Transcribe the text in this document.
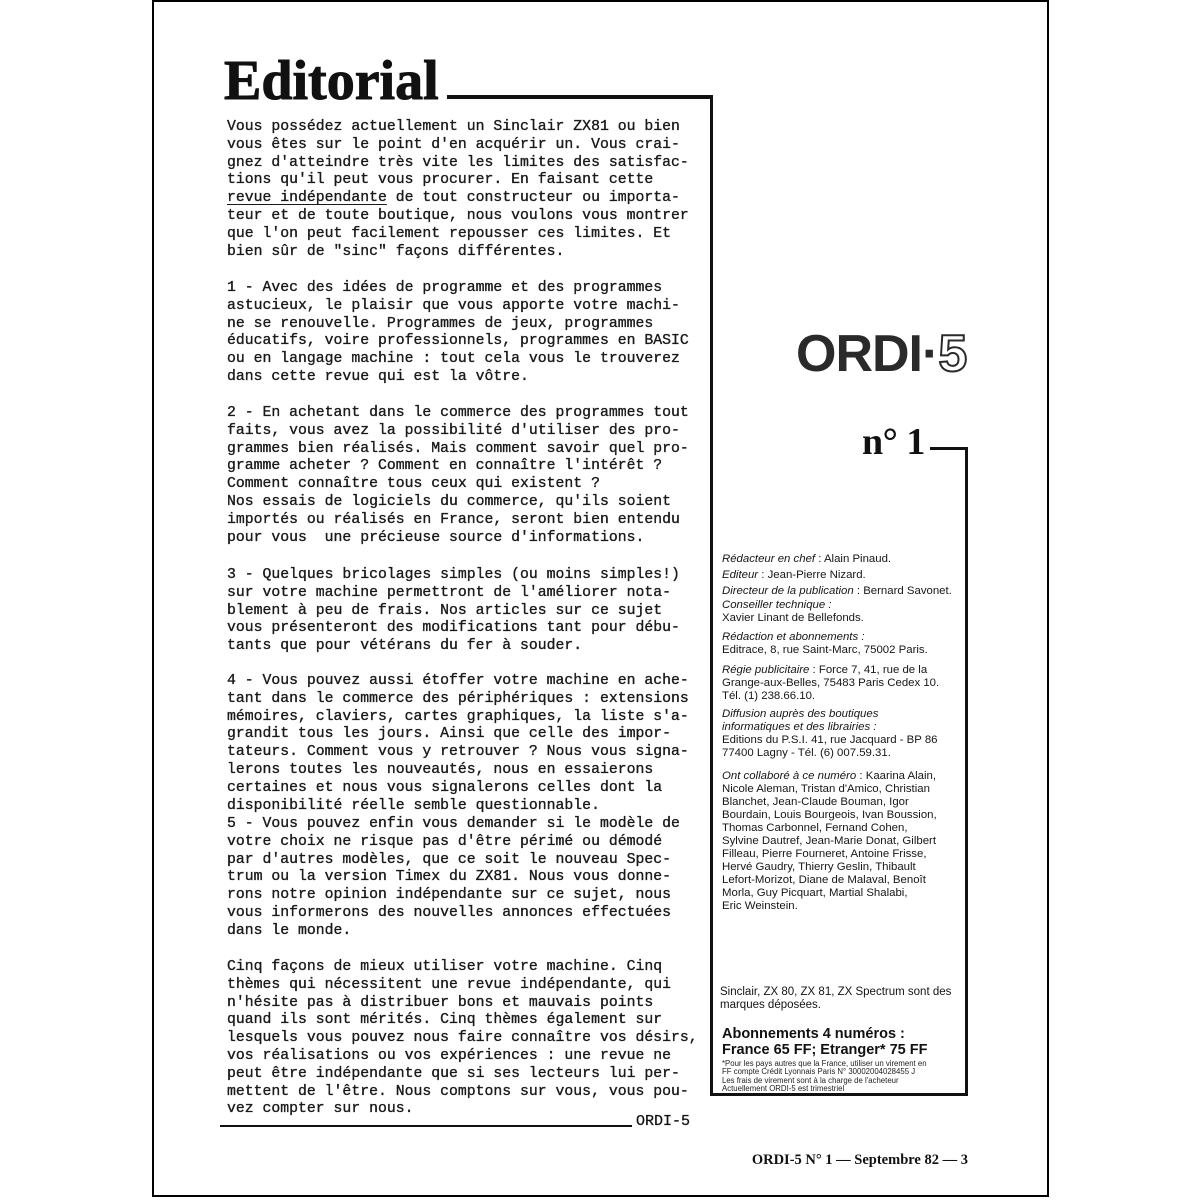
Editorial
Vous possédez actuellement un Sinclair ZX81 ou bien
vous êtes sur le point d'en acquérir un. Vous crai-
gnez d'atteindre très vite les limites des satisfac-
tions qu'il peut vous procurer. En faisant cette
revue indépendante de tout constructeur ou importa-
teur et de toute boutique, nous voulons vous montrer
que l'on peut facilement repousser ces limites. Et
bien sûr de "sinc" façons différentes.
1 - Avec des idées de programme et des programmes
astucieux, le plaisir que vous apporte votre machi-
ne se renouvelle. Programmes de jeux, programmes
éducatifs, voire professionnels, programmes en BASIC
ou en langage machine : tout cela vous le trouverez
dans cette revue qui est la vôtre.
2 - En achetant dans le commerce des programmes tout
faits, vous avez la possibilité d'utiliser des pro-
grammes bien réalisés. Mais comment savoir quel pro-
gramme acheter ? Comment en connaître l'intérêt ?
Comment connaître tous ceux qui existent ?
Nos essais de logiciels du commerce, qu'ils soient
importés ou réalisés en France, seront bien entendu
pour vous  une précieuse source d'informations.
3 - Quelques bricolages simples (ou moins simples!)
sur votre machine permettront de l'améliorer nota-
blement à peu de frais. Nos articles sur ce sujet
vous présenteront des modifications tant pour débu-
tants que pour vétérans du fer à souder.
4 - Vous pouvez aussi étoffer votre machine en ache-
tant dans le commerce des périphériques : extensions
mémoires, claviers, cartes graphiques, la liste s'a-
grandit tous les jours. Ainsi que celle des impor-
tateurs. Comment vous y retrouver ? Nous vous signa-
lerons toutes les nouveautés, nous en essaierons
certaines et nous vous signalerons celles dont la
disponibilité réelle semble questionnable.
5 - Vous pouvez enfin vous demander si le modèle de
votre choix ne risque pas d'être périmé ou démodé
par d'autres modèles, que ce soit le nouveau Spec-
trum ou la version Timex du ZX81. Nous vous donne-
rons notre opinion indépendante sur ce sujet, nous
vous informerons des nouvelles annonces effectuées
dans le monde.
Cinq façons de mieux utiliser votre machine. Cinq
thèmes qui nécessitent une revue indépendante, qui
n'hésite pas à distribuer bons et mauvais points
quand ils sont mérités. Cinq thèmes également sur
lesquels vous pouvez nous faire connaître vos désirs,
vos réalisations ou vos expériences : une revue ne
peut être indépendante que si ses lecteurs lui per-
mettent de l'être. Nous comptons sur vous, vous pou-
vez compter sur nous.
ORDI-5
ORDI·5
n° 1
Rédacteur en chef : Alain Pinaud.
Editeur : Jean-Pierre Nizard.
Directeur de la publication : Bernard Savonet.
Conseiller technique :
Xavier Linant de Bellefonds.
Rédaction et abonnements :
Editrace, 8, rue Saint-Marc, 75002 Paris.
Régie publicitaire : Force 7, 41, rue de la
Grange-aux-Belles, 75483 Paris Cedex 10.
Tél. (1) 238.66.10.
Diffusion auprès des boutiques
informatiques et des librairies :
Editions du P.S.I. 41, rue Jacquard - BP 86
77400 Lagny - Tél. (6) 007.59.31.
Ont collaboré à ce numéro : Kaarina Alain,
Nicole Aleman, Tristan d'Amico, Christian
Blanchet, Jean-Claude Bouman, Igor
Bourdain, Louis Bourgeois, Ivan Boussion,
Thomas Carbonnel, Fernand Cohen,
Sylvine Dautref, Jean-Marie Donat, Gilbert
Filleau, Pierre Fourneret, Antoine Frisse,
Hervé Gaudry, Thierry Geslin, Thibault
Lefort-Morizot, Diane de Malaval, Benoît
Morla, Guy Picquart, Martial Shalabi,
Eric Weinstein.
Sinclair, ZX 80, ZX 81, ZX Spectrum sont des
marques déposées.
Abonnements 4 numéros :
France 65 FF; Etranger* 75 FF
*Pour les pays autres que la France, utiliser un virement en
FF compte Crédit Lyonnais Paris N° 30002004028455 J
Les frais de virement sont à la charge de l'acheteur
Actuellement ORDI-5 est trimestriel
ORDI-5 N° 1 — Septembre 82 — 3
